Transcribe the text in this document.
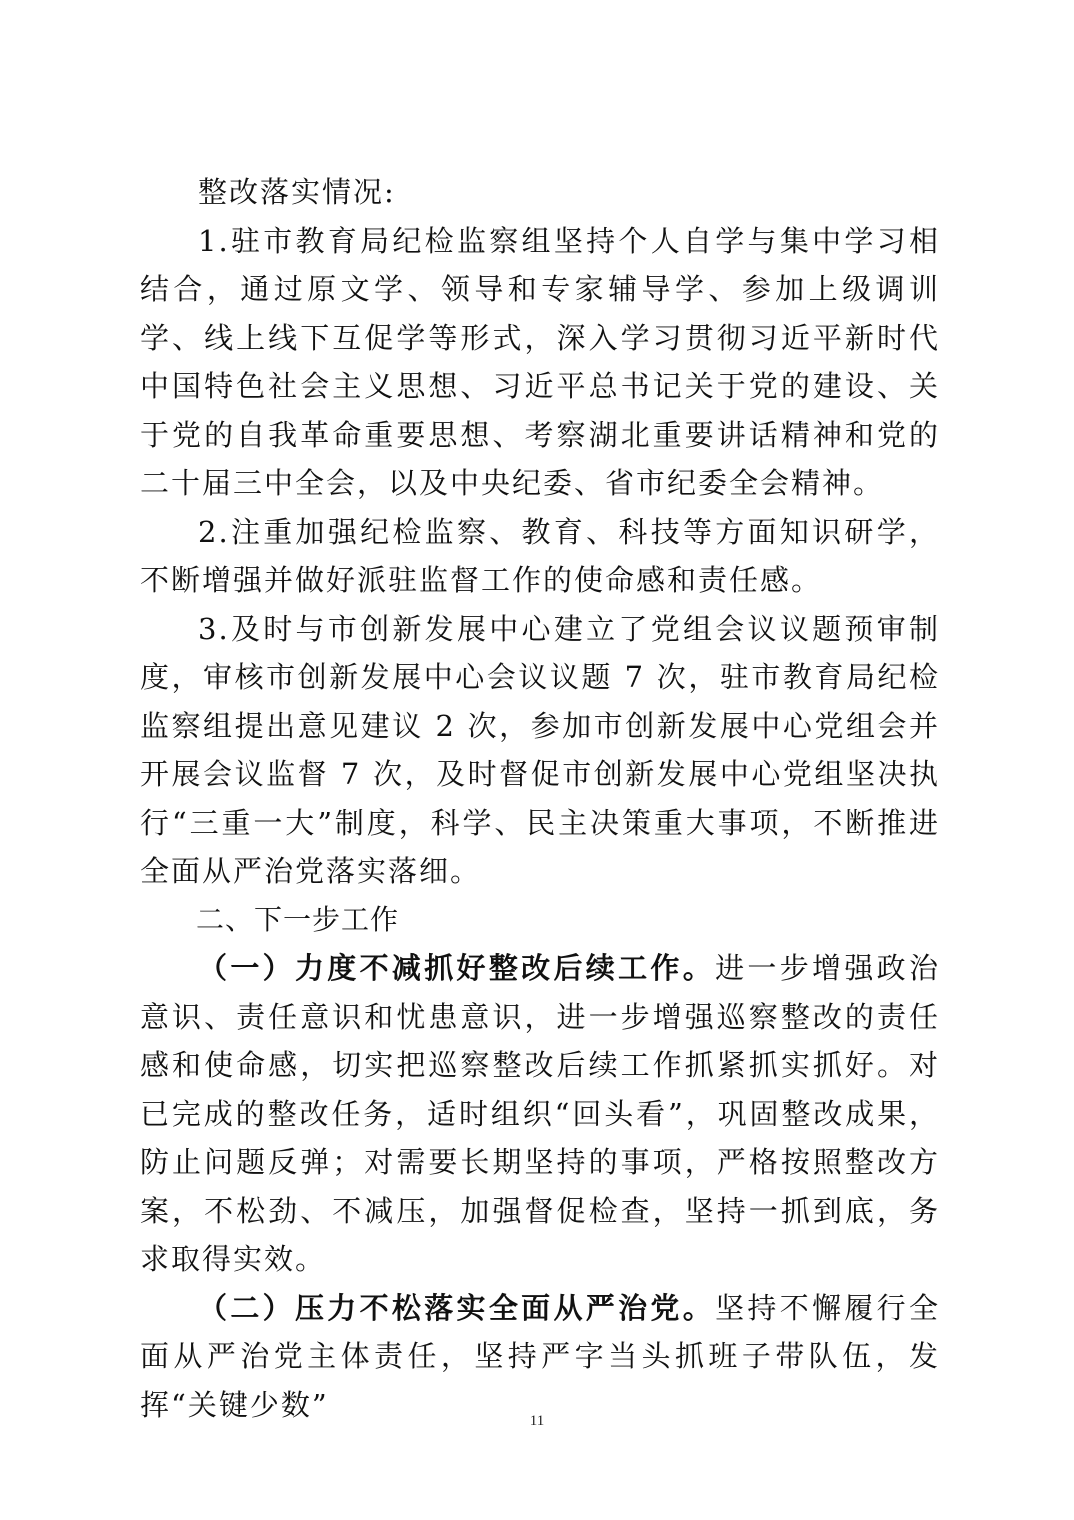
整改落实情况:

1.驻市教育局纪检监察组坚持个人自学与集中学习相结合，通过原文学、领导和专家辅导学、参加上级调训学、线上线下互促学等形式，深入学习贯彻习近平新时代中国特色社会主义思想、习近平总书记关于党的建设、关于党的自我革命重要思想、考察湖北重要讲话精神和党的二十届三中全会，以及中央纪委、省市纪委全会精神。

2.注重加强纪检监察、教育、科技等方面知识研学，不断增强并做好派驻监督工作的使命感和责任感。

3.及时与市创新发展中心建立了党组会议议题预审制度，审核市创新发展中心会议议题 7 次，驻市教育局纪检监察组提出意见建议 2 次，参加市创新发展中心党组会并开展会议监督 7 次，及时督促市创新发展中心党组坚决执行“三重一大”制度，科学、民主决策重大事项，不断推进全面从严治党落实落细。

二、下一步工作

（一）力度不减抓好整改后续工作。进一步增强政治意识、责任意识和忧患意识，进一步增强巡察整改的责任感和使命感，切实把巡察整改后续工作抓紧抓实抓好。对已完成的整改任务，适时组织“回头看”，巩固整改成果，防止问题反弹；对需要长期坚持的事项，严格按照整改方案，不松劲、不减压，加强督促检查，坚持一抓到底，务求取得实效。

（二）压力不松落实全面从严治党。坚持不懈履行全面从严治党主体责任，坚持严字当头抓班子带队伍，发挥“关键少数”	11
